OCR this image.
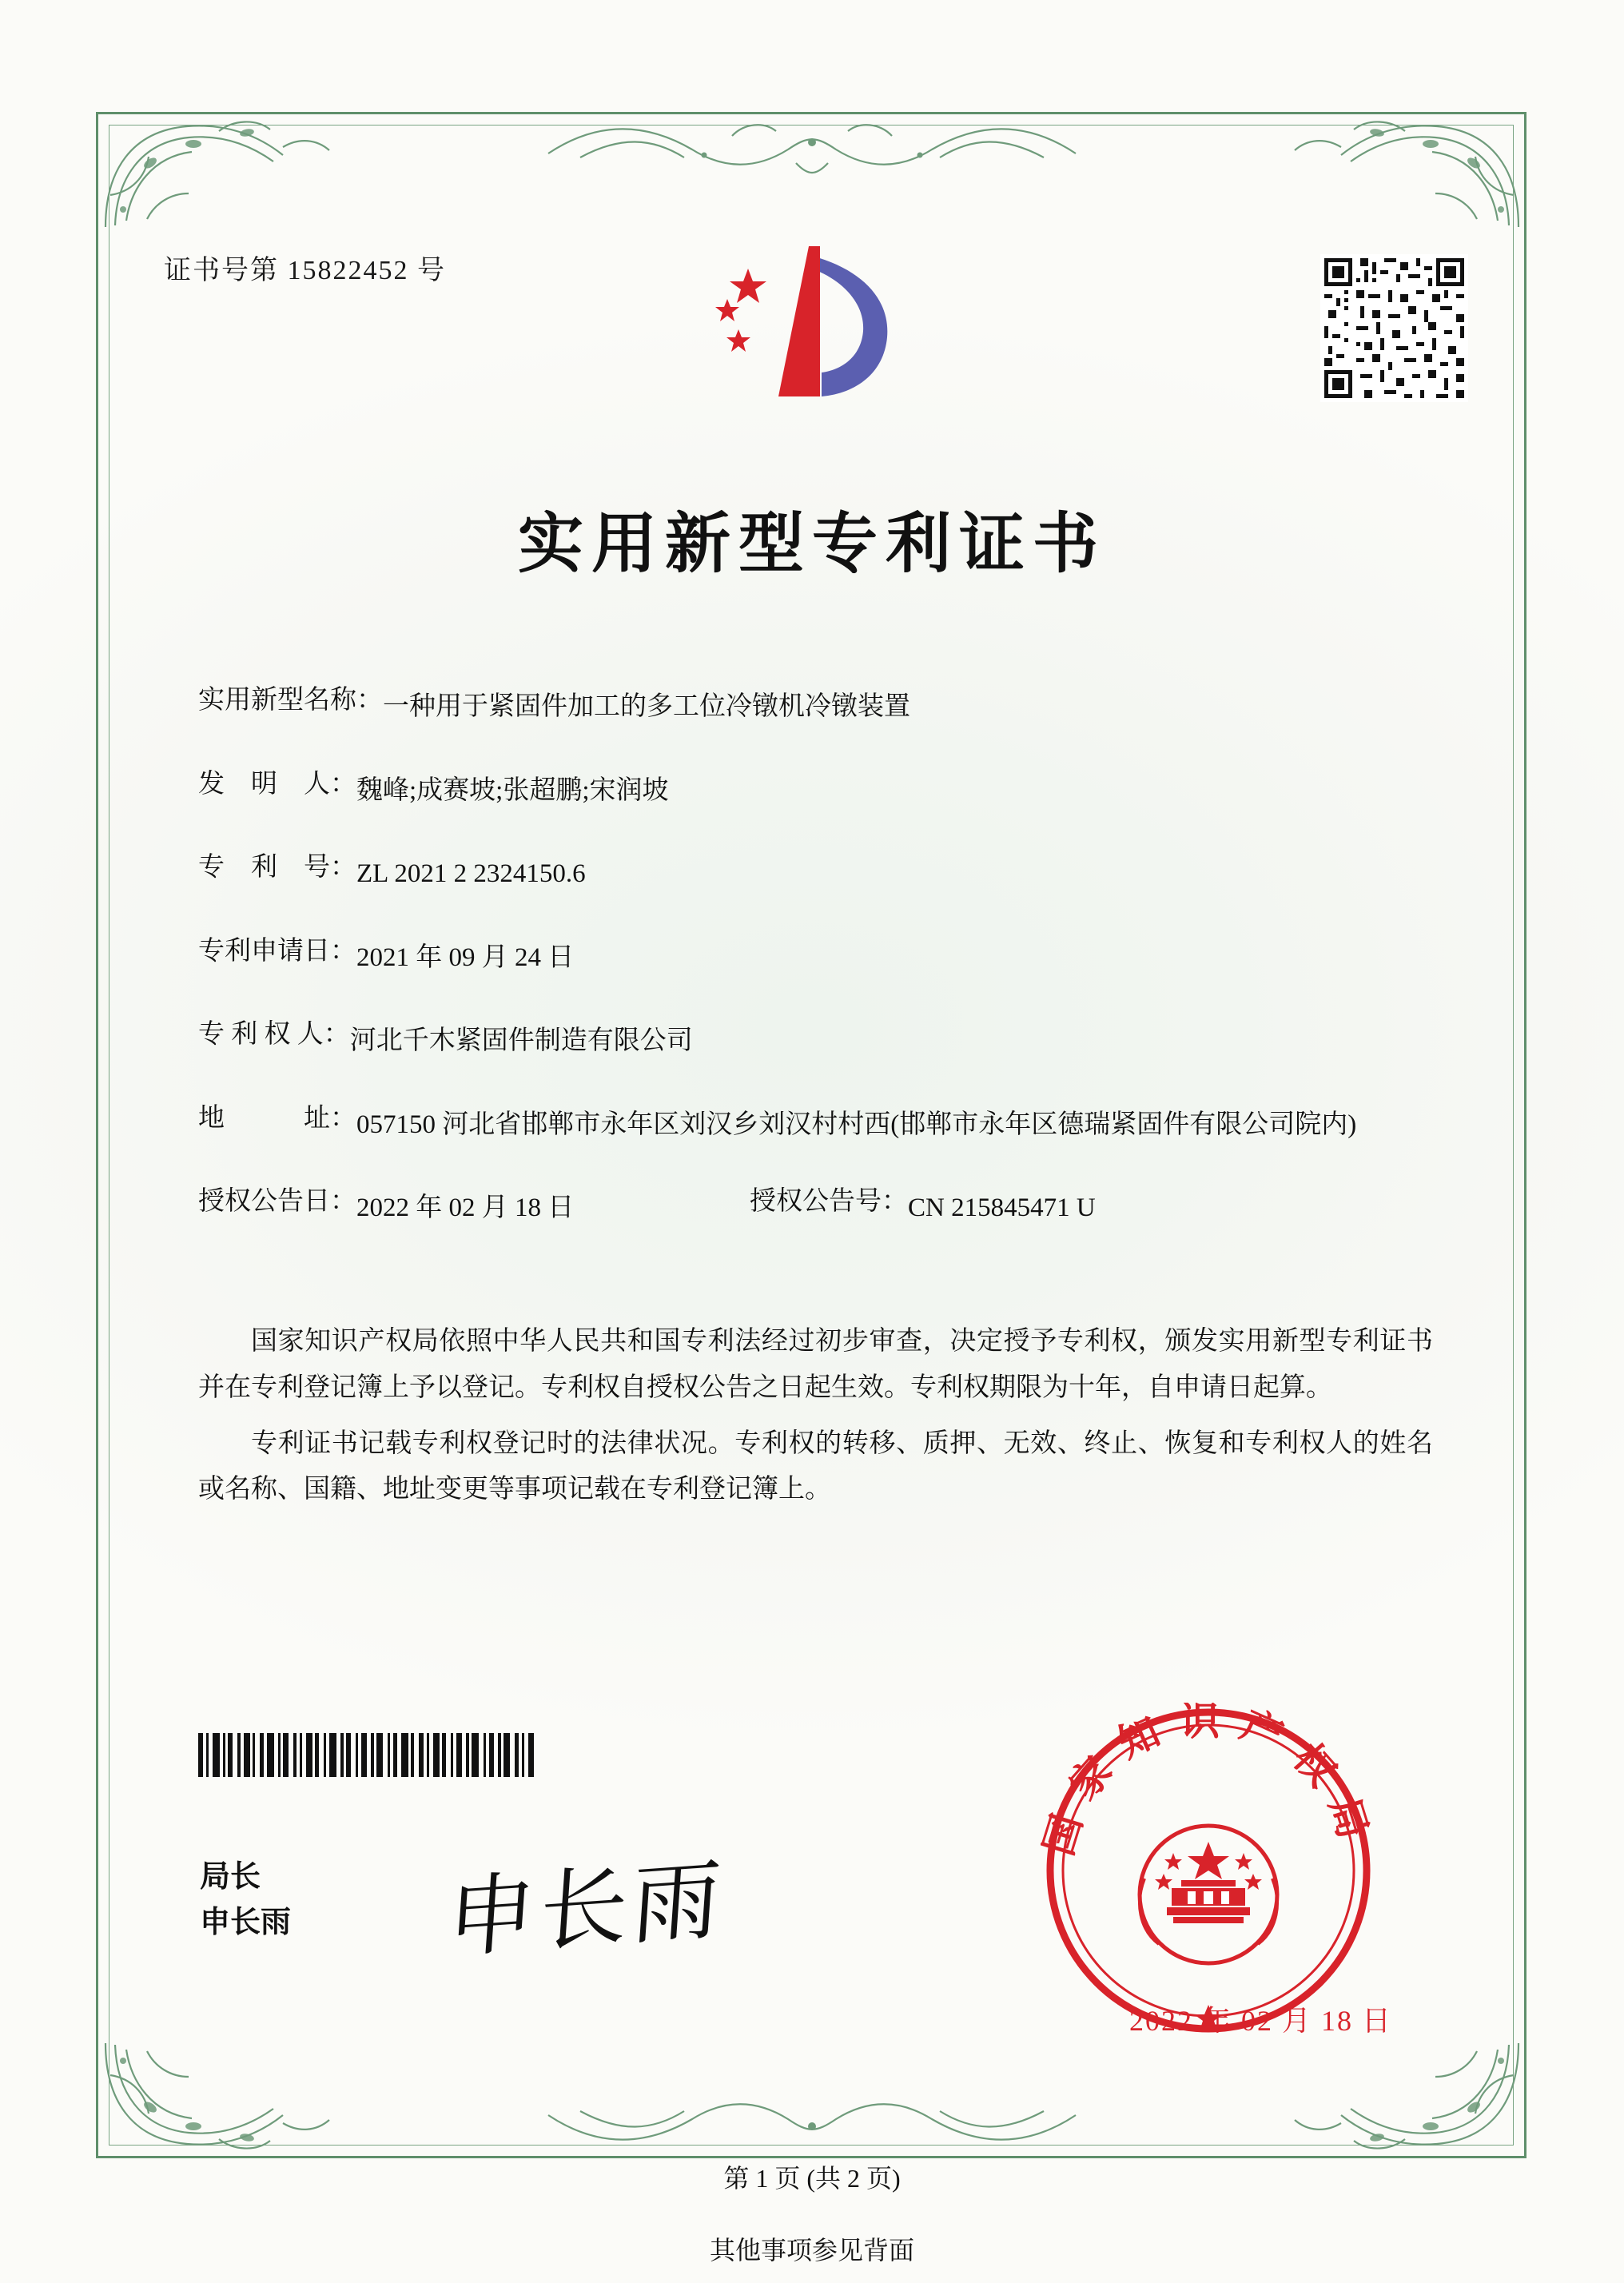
证书号第 15822452 号
实用新型专利证书
实用新型名称： 一种用于紧固件加工的多工位冷镦机冷镦装置
发　明　人： 魏峰;成赛坡;张超鹏;宋润坡
专　利　号： ZL 2021 2 2324150.6
专利申请日： 2021 年 09 月 24 日
专 利 权 人： 河北千木紧固件制造有限公司
地　　　址： 057150 河北省邯郸市永年区刘汉乡刘汉村村西(邯郸市永年区德瑞紧固件有限公司院内)
授权公告日： 2022 年 02 月 18 日	授权公告号： CN 215845471 U

国家知识产权局依照中华人民共和国专利法经过初步审查，决定授予专利权，颁发实用新型专利证书并在专利登记簿上予以登记。专利权自授权公告之日起生效。专利权期限为十年，自申请日起算。

专利证书记载专利权登记时的法律状况。专利权的转移、质押、无效、终止、恢复和专利权人的姓名或名称、国籍、地址变更等事项记载在专利登记簿上。

局长
申长雨 申长雨
国家知识产权局
2022 年 02 月 18 日
第 1 页 (共 2 页)
其他事项参见背面
